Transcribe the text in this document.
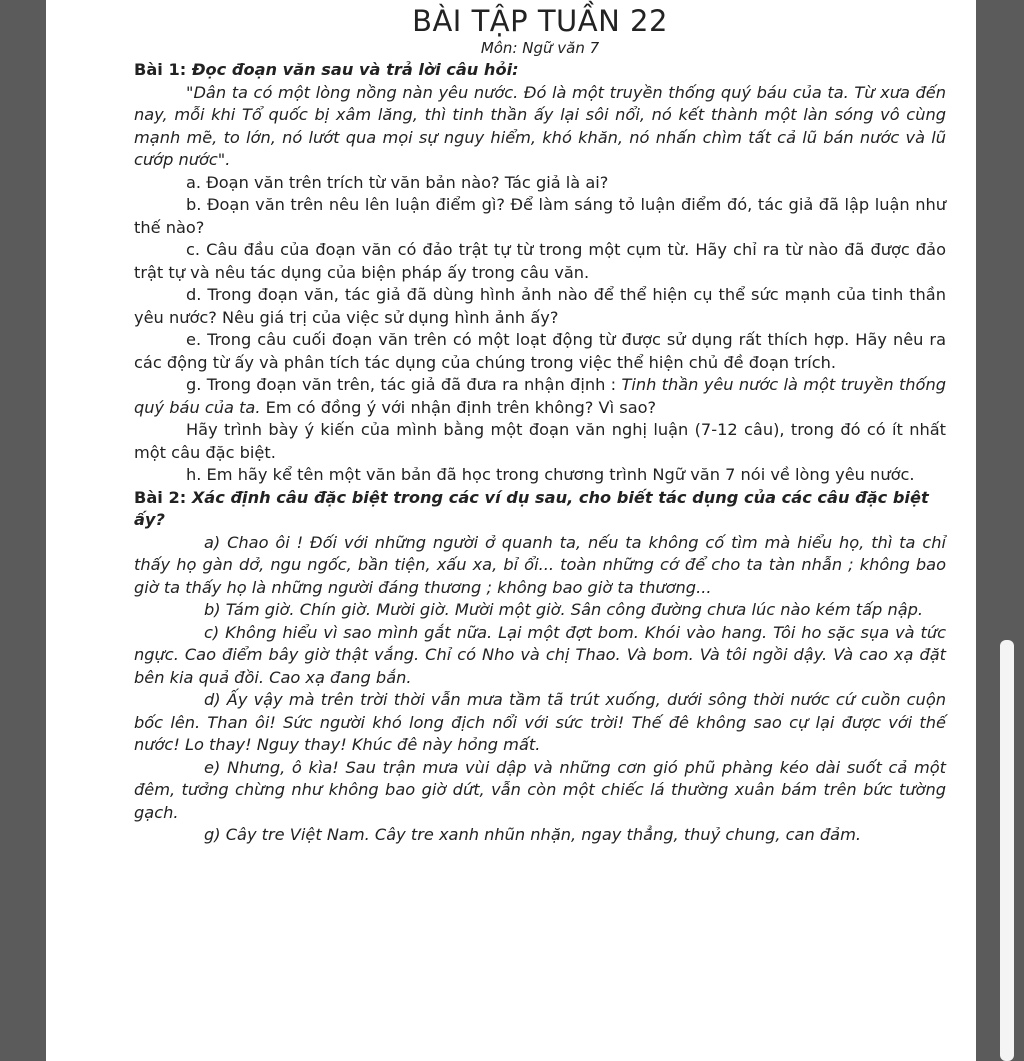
BÀI TẬP TUẦN 22
Môn: Ngữ văn 7
Bài 1: Đọc đoạn văn sau và trả lời câu hỏi:

"Dân ta có một lòng nồng nàn yêu nước. Đó là một truyền thống quý báu của ta. Từ xưa đến nay, mỗi khi Tổ quốc bị xâm lăng, thì tinh thần ấy lại sôi nổi, nó kết thành một làn sóng vô cùng mạnh mẽ, to lớn, nó lướt qua mọi sự nguy hiểm, khó khăn, nó nhấn chìm tất cả lũ bán nước và lũ cướp nước".

a. Đoạn văn trên trích từ văn bản nào? Tác giả là ai?

b. Đoạn văn trên nêu lên luận điểm gì? Để làm sáng tỏ luận điểm đó, tác giả đã lập luận như thế nào?

c. Câu đầu của đoạn văn có đảo trật tự từ trong một cụm từ. Hãy chỉ ra từ nào đã được đảo trật tự và nêu tác dụng của biện pháp ấy trong câu văn.

d. Trong đoạn văn, tác giả đã dùng hình ảnh nào để thể hiện cụ thể sức mạnh của tinh thần yêu nước? Nêu giá trị của việc sử dụng hình ảnh ấy?

e. Trong câu cuối đoạn văn trên có một loạt động từ được sử dụng rất thích hợp. Hãy nêu ra các động từ ấy và phân tích tác dụng của chúng trong việc thể hiện chủ đề đoạn trích.

g. Trong đoạn văn trên, tác giả đã đưa ra nhận định : Tinh thần yêu nước là một truyền thống quý báu của ta. Em có đồng ý với nhận định trên không? Vì sao?

Hãy trình bày ý kiến của mình bằng một đoạn văn nghị luận (7-12 câu), trong đó có ít nhất một câu đặc biệt.

h. Em hãy kể tên một văn bản đã học trong chương trình Ngữ văn 7 nói về lòng yêu nước.

Bài 2: Xác định câu đặc biệt trong các ví dụ sau, cho biết tác dụng của các câu đặc biệt ấy?

a) Chao ôi ! Đối với những người ở quanh ta, nếu ta không cố tìm mà hiểu họ, thì ta chỉ thấy họ gàn dở, ngu ngốc, bần tiện, xấu xa, bỉ ổi... toàn những cớ để cho ta tàn nhẫn ; không bao giờ ta thấy họ là những người đáng thương ; không bao giờ ta thương...

b) Tám giờ. Chín giờ. Mười giờ. Mười một giờ. Sân công đường chưa lúc nào kém tấp nập.

c) Không hiểu vì sao mình gắt nữa. Lại một đợt bom. Khói vào hang. Tôi ho sặc sụa và tức ngực. Cao điểm bây giờ thật vắng. Chỉ có Nho và chị Thao. Và bom. Và tôi ngồi dậy. Và cao xạ đặt bên kia quả đồi. Cao xạ đang bắn.

d) Ấy vậy mà trên trời thời vẫn mưa tầm tã trút xuống, dưới sông thời nước cứ cuồn cuộn bốc lên. Than ôi! Sức người khó long địch nổi với sức trời! Thế đê không sao cự lại được với thế nước! Lo thay! Nguy thay! Khúc đê này hỏng mất.

e) Nhưng, ô kìa! Sau trận mưa vùi dập và những cơn gió phũ phàng kéo dài suốt cả một đêm, tưởng chừng như không bao giờ dứt, vẫn còn một chiếc lá thường xuân bám trên bức tường gạch.

g) Cây tre Việt Nam. Cây tre xanh nhũn nhặn, ngay thẳng, thuỷ chung, can đảm.
